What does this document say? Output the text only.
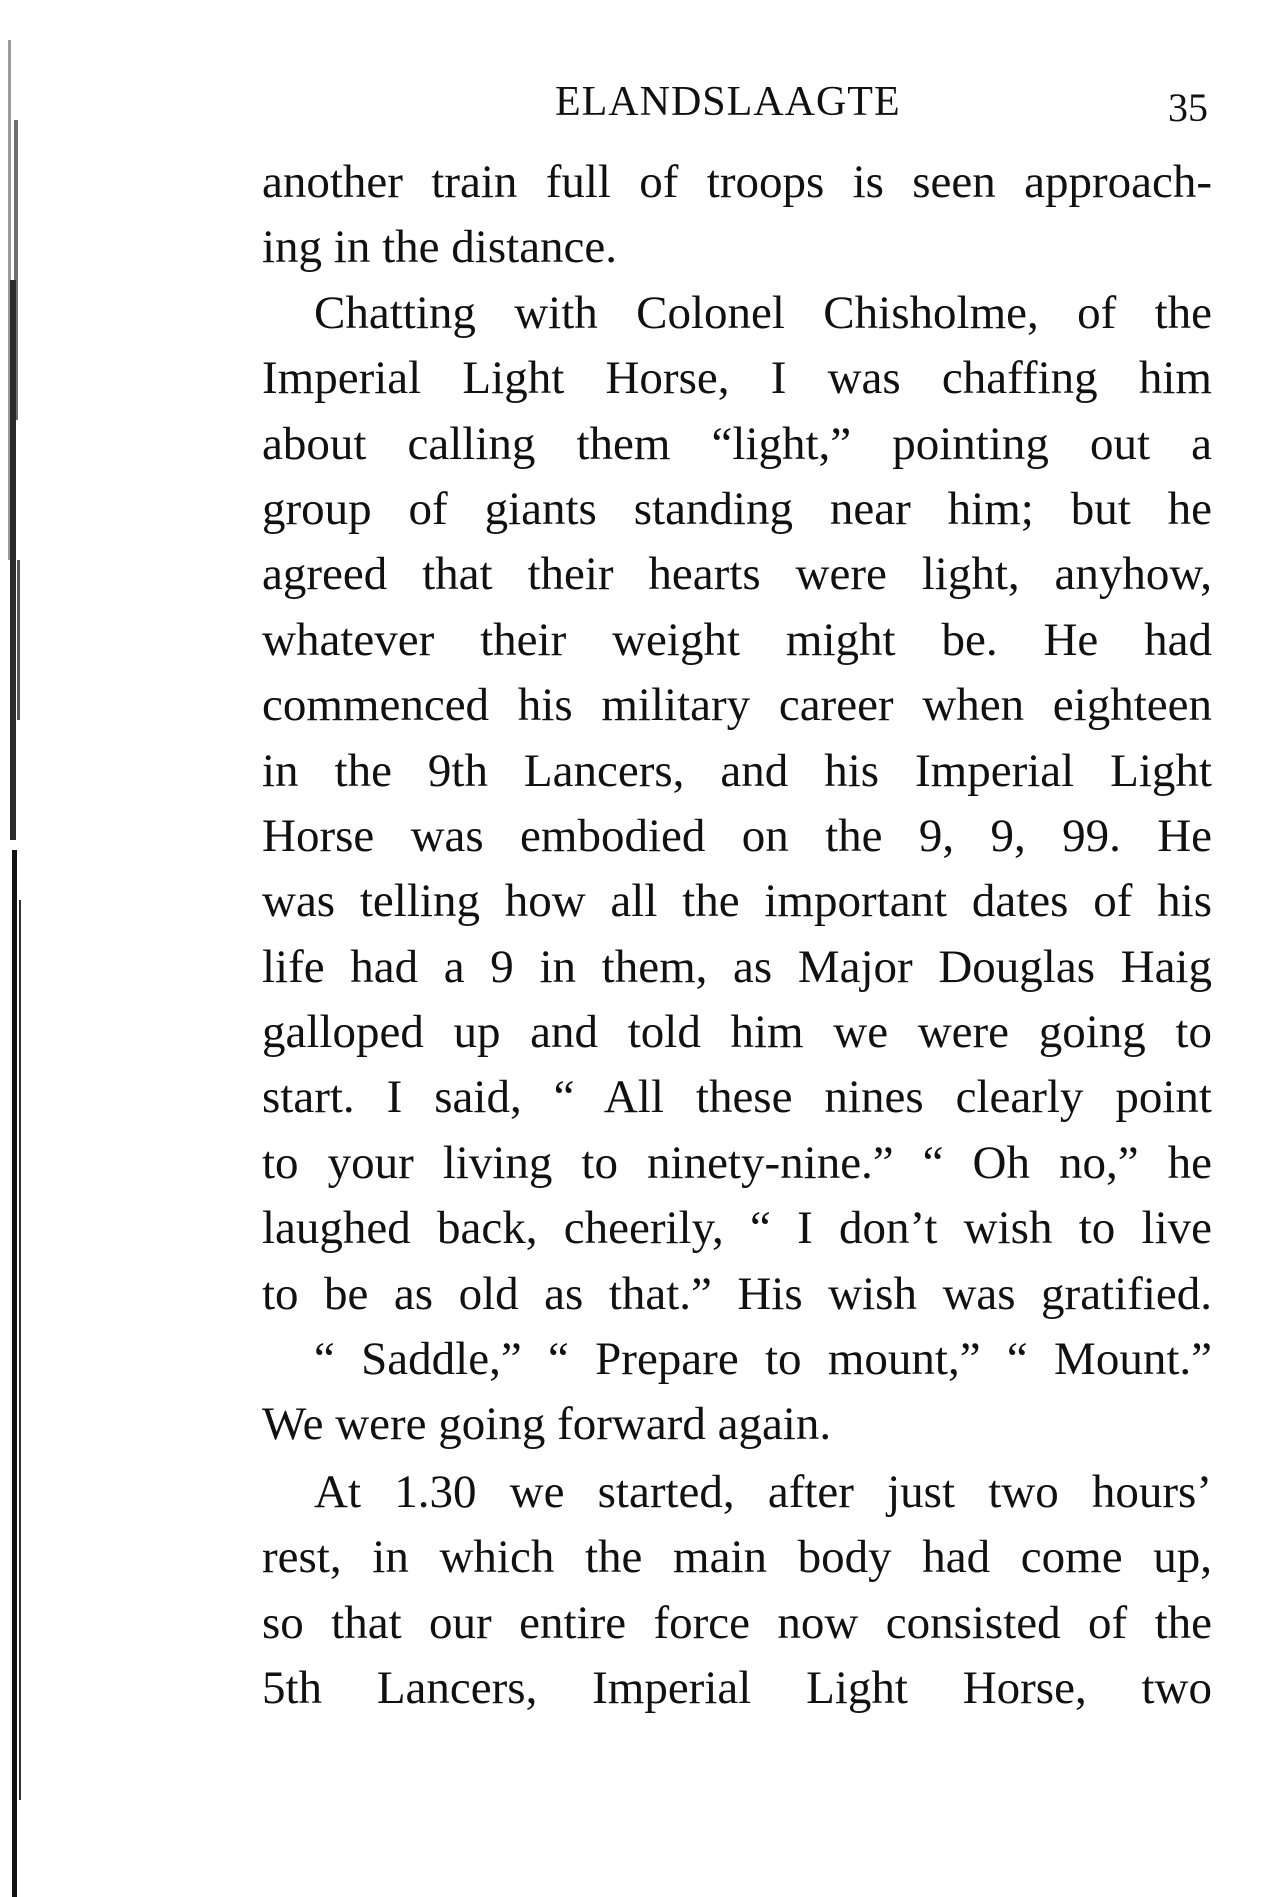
ELANDSLAAGTE	35
another train full of troops is seen approach-
ing in the distance.
Chatting with Colonel Chisholme, of the
Imperial Light Horse, I was chaffing him
about calling them “light,” pointing out a
group of giants standing near him; but he
agreed that their hearts were light, anyhow,
whatever their weight might be. He had
commenced his military career when eighteen
in the 9th Lancers, and his Imperial Light
Horse was embodied on the 9, 9, 99. He
was telling how all the important dates of his
life had a 9 in them, as Major Douglas Haig
galloped up and told him we were going to
start. I said, “ All these nines clearly point
to your living to ninety-nine.” “ Oh no,” he
laughed back, cheerily, “ I don’t wish to live
to be as old as that.” His wish was gratified.
“ Saddle,” “ Prepare to mount,” “ Mount.”
We were going forward again.
At 1.30 we started, after just two hours’
rest, in which the main body had come up,
so that our entire force now consisted of the
5th Lancers, Imperial Light Horse, two
